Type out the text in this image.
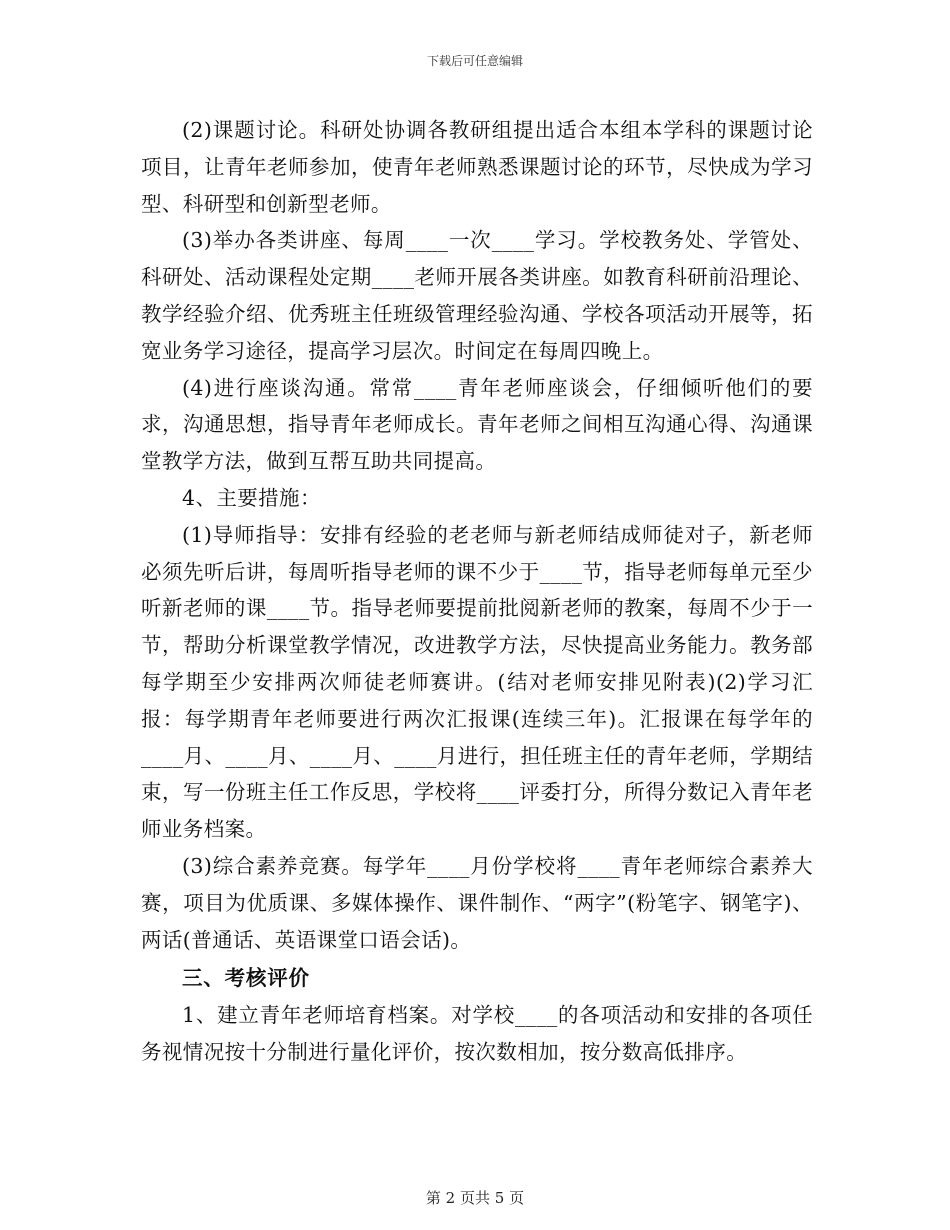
下载后可任意编辑

(2)课题讨论。科研处协调各教研组提出适合本组本学科的课题讨论项目，让青年老师参加，使青年老师熟悉课题讨论的环节，尽快成为学习型、科研型和创新型老师。

(3)举办各类讲座、每周____一次____学习。学校教务处、学管处、科研处、活动课程处定期____老师开展各类讲座。如教育科研前沿理论、教学经验介绍、优秀班主任班级管理经验沟通、学校各项活动开展等，拓宽业务学习途径，提高学习层次。时间定在每周四晚上。

(4)进行座谈沟通。常常____青年老师座谈会，仔细倾听他们的要求，沟通思想，指导青年老师成长。青年老师之间相互沟通心得、沟通课堂教学方法，做到互帮互助共同提高。

4、主要措施：

(1)导师指导：安排有经验的老老师与新老师结成师徒对子，新老师必须先听后讲，每周听指导老师的课不少于____节，指导老师每单元至少听新老师的课____节。指导老师要提前批阅新老师的教案，每周不少于一节，帮助分析课堂教学情况，改进教学方法，尽快提高业务能力。教务部每学期至少安排两次师徒老师赛讲。(结对老师安排见附表)(2)学习汇报：每学期青年老师要进行两次汇报课(连续三年)。汇报课在每学年的____月、____月、____月、____月进行，担任班主任的青年老师，学期结束，写一份班主任工作反思，学校将____评委打分，所得分数记入青年老师业务档案。

(3)综合素养竞赛。每学年____月份学校将____青年老师综合素养大赛，项目为优质课、多媒体操作、课件制作、“两字”(粉笔字、钢笔字)、两话(普通话、英语课堂口语会话)。

三、考核评价

1、建立青年老师培育档案。对学校____的各项活动和安排的各项任务视情况按十分制进行量化评价，按次数相加，按分数高低排序。

第 2 页共 5 页
